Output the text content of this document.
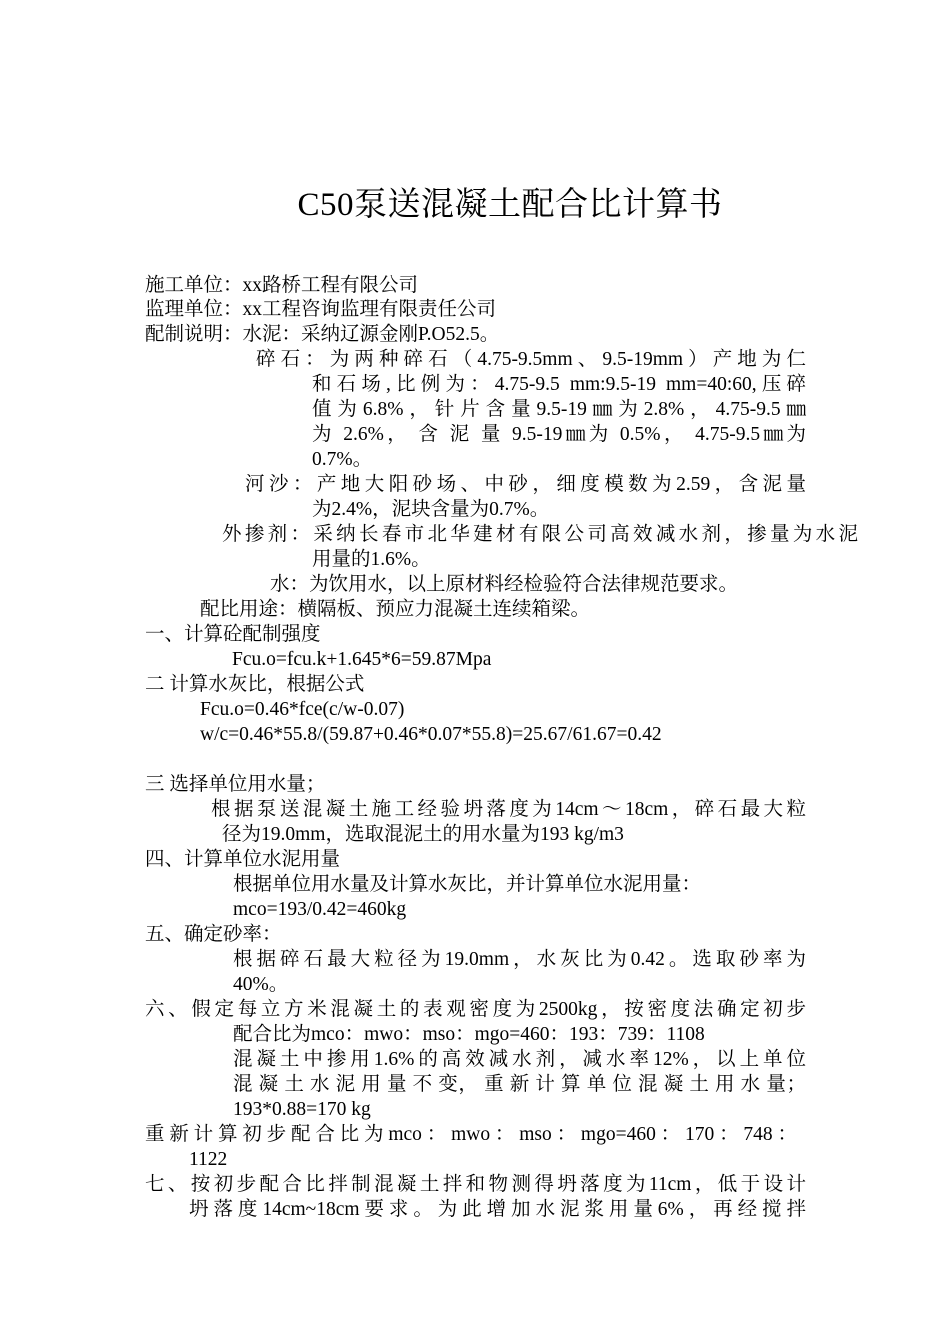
C50泵送混凝土配合比计算书
施工单位：xx路桥工程有限公司
监理单位：xx工程咨询监理有限责任公司
配制说明：水泥：采纳辽源金刚P.O52.5。
碎石：为两种碎石（4.75-9.5mm、9.5-19mm）产地为仁
和石场,比例为：4.75-9.5 mm:9.5-19 mm=40:60,压碎
值为6.8%，针片含量9.5-19㎜为2.8%，4.75-9.5㎜
为 2.6%， 含 泥 量 9.5-19㎜为 0.5%， 4.75-9.5㎜为
0.7%。
河沙：产地大阳砂场、中砂，细度模数为2.59，含泥量
为2.4%，泥块含量为0.7%。
外掺剂：采纳长春市北华建材有限公司高效减水剂，掺量为水泥
用量的1.6%。
水：为饮用水，以上原材料经检验符合法律规范要求。
配比用途：横隔板、预应力混凝土连续箱梁。
一、计算砼配制强度
Fcu.o=fcu.k+1.645*6=59.87Mpa
二 计算水灰比，根据公式
Fcu.o=0.46*fce(c/w-0.07)
w/c=0.46*55.8/(59.87+0.46*0.07*55.8)=25.67/61.67=0.42
三 选择单位用水量；
根据泵送混凝土施工经验坍落度为14cm～18cm，碎石最大粒
径为19.0mm，选取混泥土的用水量为193 kg/m3
四、计算单位水泥用量
根据单位用水量及计算水灰比，并计算单位水泥用量：
mco=193/0.42=460kg
五、确定砂率：
根据碎石最大粒径为19.0mm，水灰比为0.42。选取砂率为
40%。
六、假定每立方米混凝土的表观密度为2500kg，按密度法确定初步
配合比为mco：mwo：mso：mgo=460：193：739：1108
混凝土中掺用1.6%的高效减水剂，减水率12%，以上单位
混 凝 土 水 泥 用 量 不 变， 重 新 计 算 单 位 混 凝 土 用 水 量；
193*0.88=170 kg
重新计算初步配合比为mco：mwo：mso：mgo=460：170：748：
1122
七、按初步配合比拌制混凝土拌和物测得坍落度为11cm，低于设计
坍落度14cm~18cm要求。为此增加水泥浆用量6%，再经搅拌
